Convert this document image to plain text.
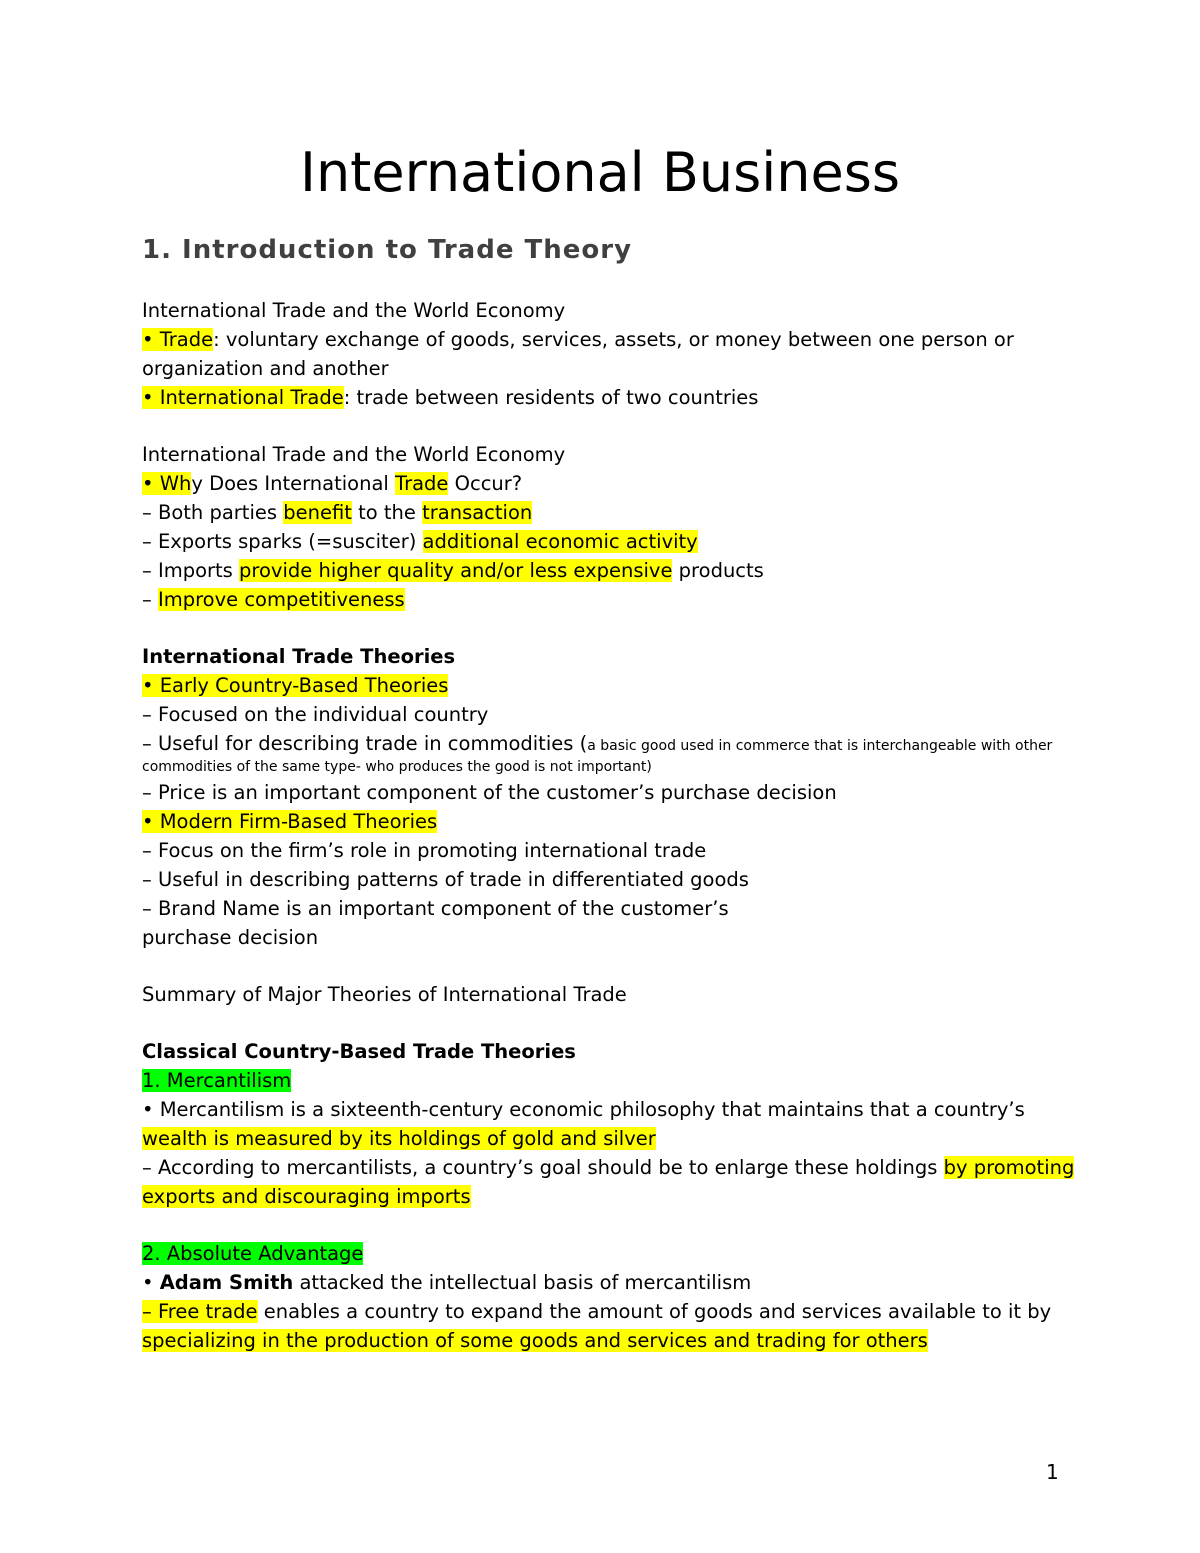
International Business
1. Introduction to Trade Theory
International Trade and the World Economy
• Trade: voluntary exchange of goods, services, assets, or money between one person or
organization and another
• International Trade: trade between residents of two countries
International Trade and the World Economy
• Why Does International Trade Occur?
– Both parties benefit to the transaction
– Exports sparks (=susciter) additional economic activity
– Imports provide higher quality and/or less expensive products
– Improve competitiveness
International Trade Theories
• Early Country-Based Theories
– Focused on the individual country
– Useful for describing trade in commodities (a basic good used in commerce that is interchangeable with other
commodities of the same type- who produces the good is not important)
– Price is an important component of the customer’s purchase decision
• Modern Firm-Based Theories
– Focus on the firm’s role in promoting international trade
– Useful in describing patterns of trade in differentiated goods
– Brand Name is an important component of the customer’s
purchase decision
Summary of Major Theories of International Trade
Classical Country-Based Trade Theories
1. Mercantilism
• Mercantilism is a sixteenth-century economic philosophy that maintains that a country’s
wealth is measured by its holdings of gold and silver
– According to mercantilists, a country’s goal should be to enlarge these holdings by promoting
exports and discouraging imports
2. Absolute Advantage
• Adam Smith attacked the intellectual basis of mercantilism
– Free trade enables a country to expand the amount of goods and services available to it by
specializing in the production of some goods and services and trading for others
1
